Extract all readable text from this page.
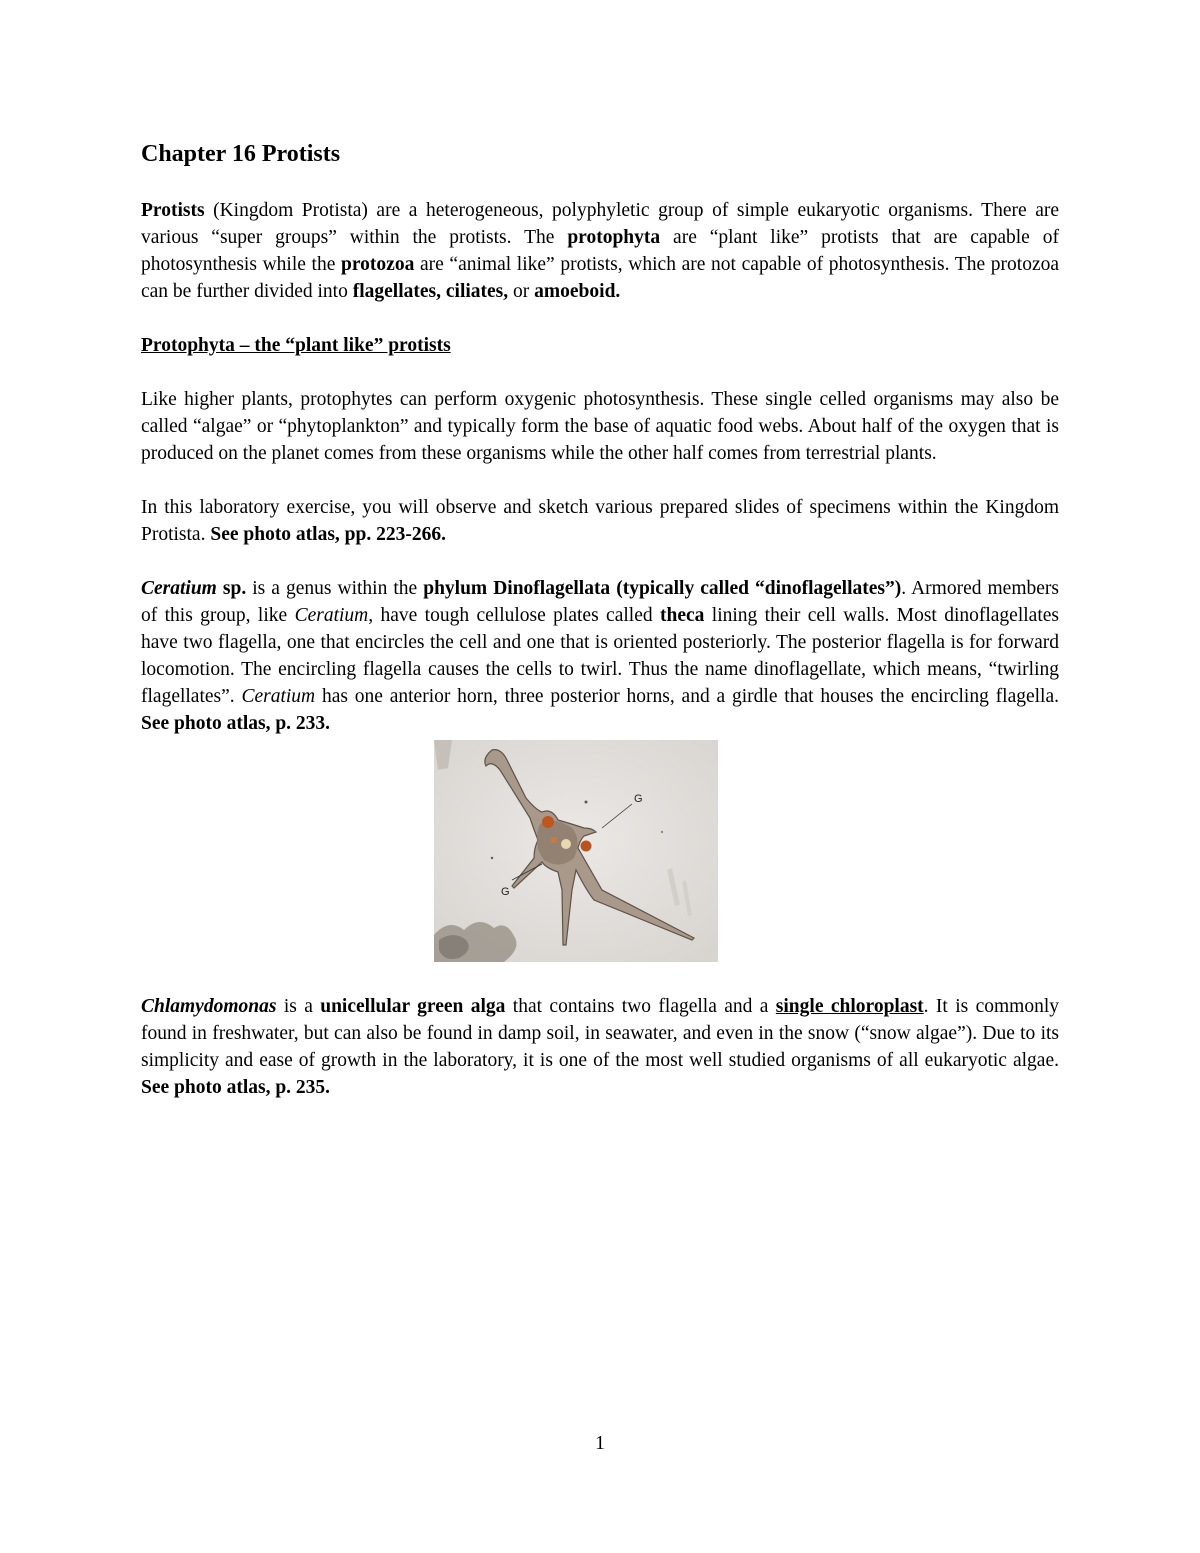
Chapter 16 Protists

Protists (Kingdom Protista) are a heterogeneous, polyphyletic group of simple eukaryotic organisms. There are various “super groups” within the protists. The protophyta are “plant like” protists that are capable of photosynthesis while the protozoa are “animal like” protists, which are not capable of photosynthesis. The protozoa can be further divided into flagellates, ciliates, or amoeboid.

Protophyta – the “plant like” protists

Like higher plants, protophytes can perform oxygenic photosynthesis. These single celled organisms may also be called “algae” or “phytoplankton” and typically form the base of aquatic food webs. About half of the oxygen that is produced on the planet comes from these organisms while the other half comes from terrestrial plants.

In this laboratory exercise, you will observe and sketch various prepared slides of specimens within the Kingdom Protista. See photo atlas, pp. 223-266.

Ceratium sp. is a genus within the phylum Dinoflagellata (typically called “dinoflagellates”). Armored members of this group, like Ceratium, have tough cellulose plates called theca lining their cell walls. Most dinoflagellates have two flagella, one that encircles the cell and one that is oriented posteriorly. The posterior flagella is for forward locomotion. The encircling flagella causes the cells to twirl. Thus the name dinoflagellate, which means, “twirling flagellates”. Ceratium has one anterior horn, three posterior horns, and a girdle that houses the encircling flagella. See photo atlas, p. 233.

G
G

Chlamydomonas is a unicellular green alga that contains two flagella and a single chloroplast. It is commonly found in freshwater, but can also be found in damp soil, in seawater, and even in the snow (“snow algae”). Due to its simplicity and ease of growth in the laboratory, it is one of the most well studied organisms of all eukaryotic algae. See photo atlas, p. 235.

1
